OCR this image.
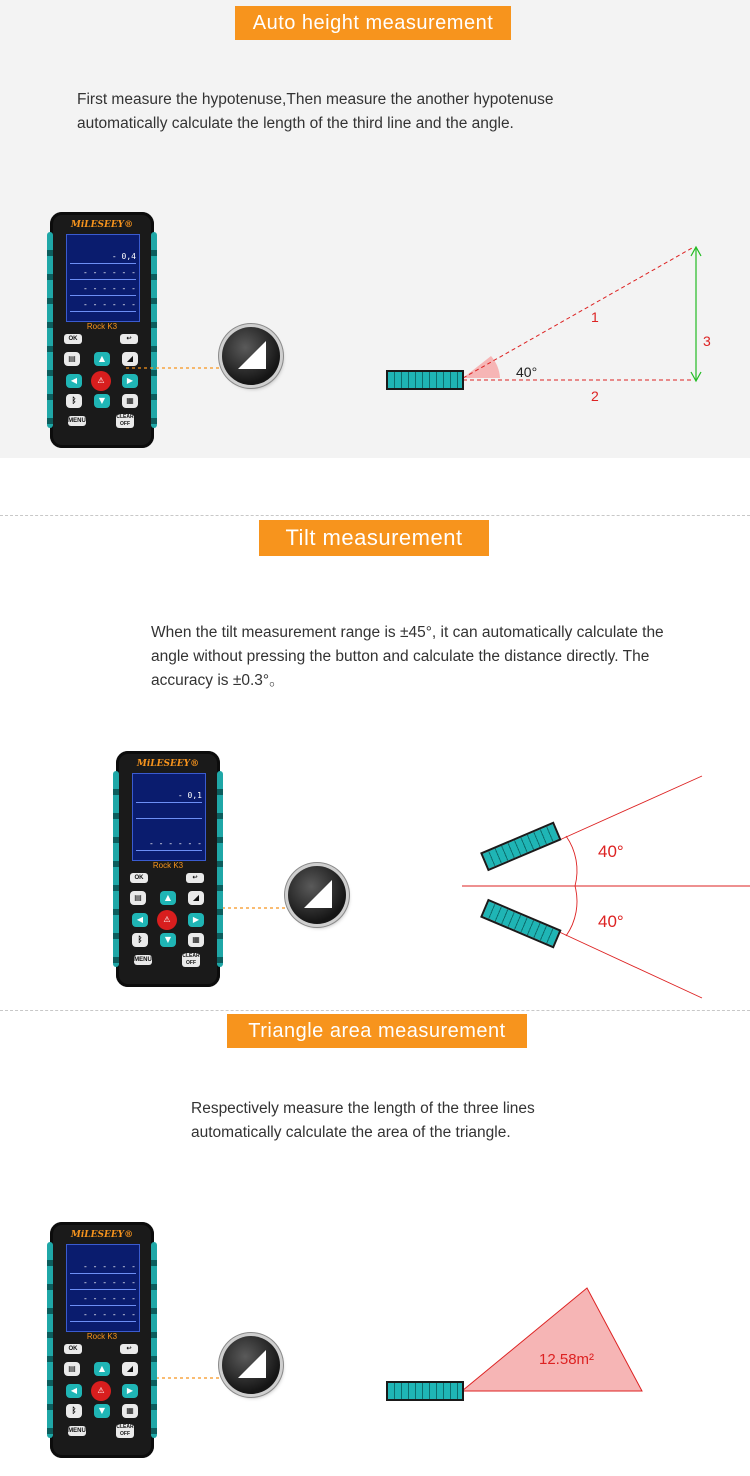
Auto height measurement
First measure the hypotenuse,Then measure the another hypotenuse
automatically calculate the length of the third line and the angle.
MiLESEEY®
- 0,4
- - - - - -
- - - - - -
- - - - - -
Rock K3
OK	↩
▤	▲	◢
◀	⚠	▶
ᛒ	▼	▦
MENU
CLEAR OFF
1
2
3
40°
Tilt measurement
When the tilt measurement range is ±45°, it can automatically calculate the
angle without pressing the button and calculate the distance directly. The
accuracy is ±0.3°。
MiLESEEY®
- 0,1
- - - - - -
Rock K3
OK	↩
▤	▲	◢
◀	⚠	▶
ᛒ	▼	▦
MENU
CLEAR OFF
40°
40°
Triangle area measurement
Respectively measure the length of the three lines
automatically calculate the area of the triangle.
MiLESEEY®
- - - - - -
- - - - - -
- - - - - -
- - - - - -
Rock K3
OK	↩
▤	▲	◢
◀	⚠	▶
ᛒ	▼	▦
MENU
CLEAR OFF
12.58m²
